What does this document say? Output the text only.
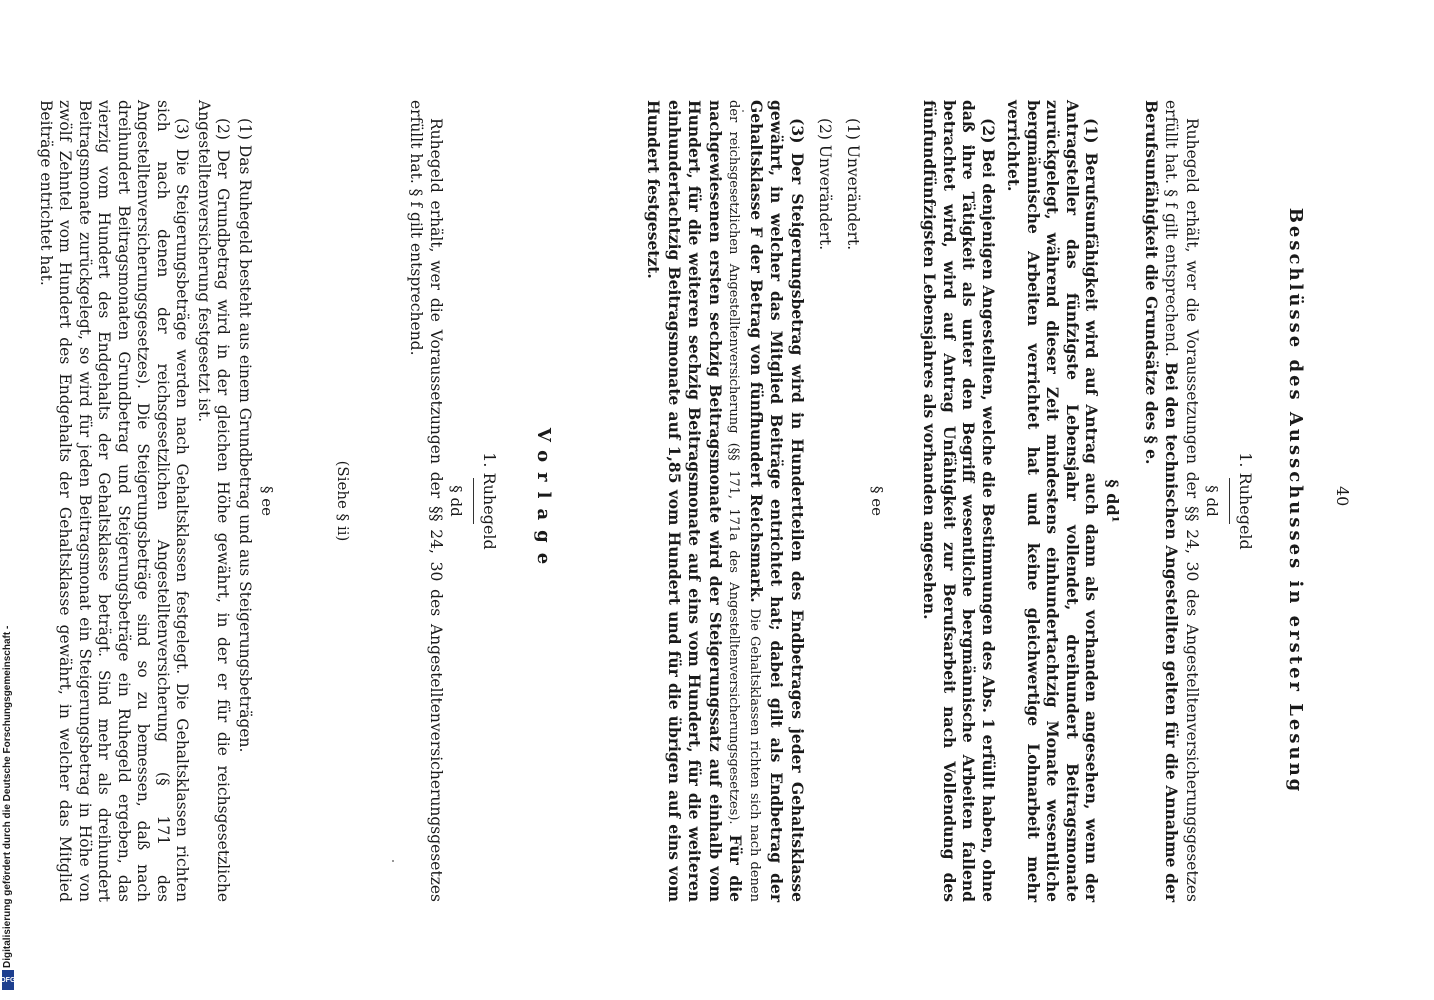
40
Beschlüsse des Ausschusses in erster Lesung
1. Ruhegeld
§ dd

Ruhegeld erhält, wer die Voraussetzungen der §§ 24, 30 des Angestelltenversicherungsgesetzes erfüllt hat. § f gilt entsprechend. Bei den technischen Angestellten gelten für die Annahme der Berufsunfähigkeit die Grundsätze des § e.

§ dd¹

(1) Berufsunfähigkeit wird auf Antrag auch dann als vorhanden angesehen, wenn der Antragsteller das fünfzigste Lebensjahr vollendet, dreihundert Beitragsmonate zurückgelegt, während dieser Zeit mindestens einhundertachtzig Monate wesentliche bergmännische Arbeiten verrichtet hat und keine gleichwertige Lohnarbeit mehr verrichtet.

(2) Bei denjenigen Angestellten, welche die Bestimmungen des Abs. 1 erfüllt haben, ohne daß ihre Tätigkeit als unter den Begriff wesentliche bergmännische Arbeiten fallend betrachtet wird, wird auf Antrag Unfähigkeit zur Berufsarbeit nach Vollendung des fünfundfünfzigsten Lebensjahres als vorhanden angesehen.

§ ee

(1) Unverändert.

(2) Unverändert.

(3) Der Steigerungsbetrag wird in Hundertteilen des Endbetrages jeder Gehaltsklasse gewährt, in welcher das Mitglied Beiträge entrichtet hat; dabei gilt als Endbetrag der Gehaltsklasse F der Betrag von fünfhundert Reichsmark. Die Gehaltsklassen richten sich nach denen der reichsgesetzlichen Angestelltenversicherung (§§ 171, 171a des Angestelltenversicherungsgesetzes). Für die nachgewiesenen ersten sechzig Beitragsmonate wird der Steigerungssatz auf einhalb vom Hundert, für die weiteren sechzig Beitragsmonate auf eins vom Hundert, für die weiteren einhundertachtzig Beitragsmonate auf 1,85 vom Hundert und für die übrigen auf eins vom Hundert festgesetzt.

Vorlage
1. Ruhegeld
§ dd

Ruhegeld erhält, wer die Voraussetzungen der §§ 24, 30 des Angestelltenversicherungsgesetzes erfüllt hat. § f gilt entsprechend.

(Siehe § ii)
§ ee

(1) Das Ruhegeld besteht aus einem Grundbetrag und aus Steigerungsbeträgen.

(2) Der Grundbetrag wird in der gleichen Höhe gewährt, in der er für die reichsgesetzliche Angestelltenversicherung festgesetzt ist.

(3) Die Steigerungsbeträge werden nach Gehaltsklassen festgelegt. Die Gehaltsklassen richten sich nach denen der reichsgesetzlichen Angestelltenversicherung (§ 171 des Angestelltenversicherungsgesetzes). Die Steigerungsbeträge sind so zu bemessen, daß nach dreihundert Beitragsmonaten Grundbetrag und Steigerungsbeträge ein Ruhegeld ergeben, das vierzig vom Hundert des Endgehalts der Gehaltsklasse beträgt. Sind mehr als dreihundert Beitragsmonate zurückgelegt, so wird für jeden Beitragsmonat ein Steigerungsbetrag in Höhe von zwölf Zehntel vom Hundert des Endgehalts der Gehaltsklasse gewährt, in welcher das Mitglied Beiträge entrichtet hat.

Digitalisierung gefördert durch die Deutsche Forschungsgemeinschaft -
DFG
